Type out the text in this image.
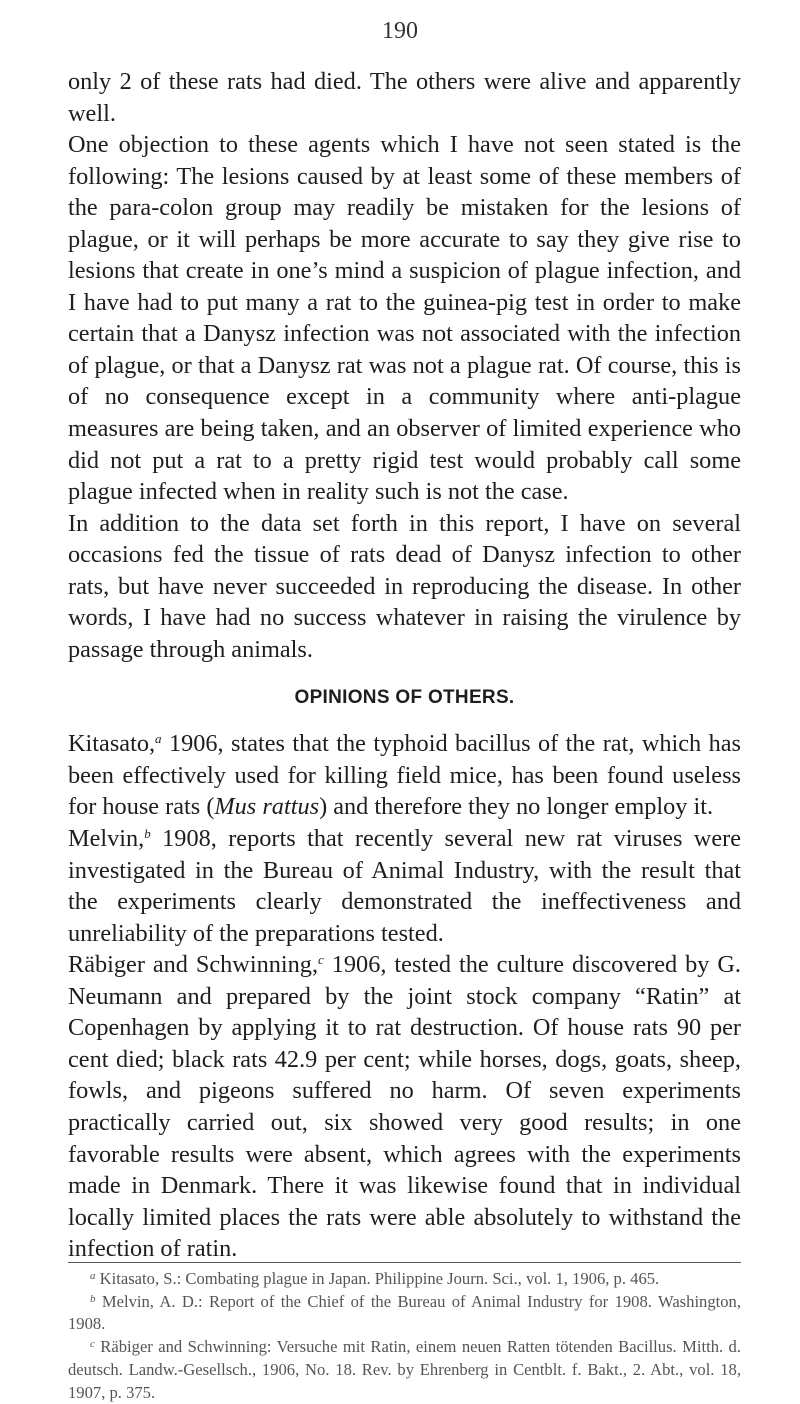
190

only 2 of these rats had died. The others were alive and apparently well.

One objection to these agents which I have not seen stated is the following: The lesions caused by at least some of these members of the para-colon group may readily be mistaken for the lesions of plague, or it will perhaps be more accurate to say they give rise to lesions that create in one’s mind a suspicion of plague infection, and I have had to put many a rat to the guinea-pig test in order to make certain that a Danysz infection was not associated with the infection of plague, or that a Danysz rat was not a plague rat. Of course, this is of no consequence except in a community where anti-plague measures are being taken, and an observer of limited experience who did not put a rat to a pretty rigid test would probably call some plague infected when in reality such is not the case.

In addition to the data set forth in this report, I have on several occasions fed the tissue of rats dead of Danysz infection to other rats, but have never succeeded in reproducing the disease. In other words, I have had no success whatever in raising the virulence by passage through animals.

OPINIONS OF OTHERS.

Kitasato,$^a$ 1906, states that the typhoid bacillus of the rat, which has been effectively used for killing field mice, has been found useless for house rats (Mus rattus) and therefore they no longer employ it.

Melvin,$^b$ 1908, reports that recently several new rat viruses were investigated in the Bureau of Animal Industry, with the result that the experiments clearly demonstrated the ineffectiveness and unreliability of the preparations tested.

Räbiger and Schwinning,$^c$ 1906, tested the culture discovered by G. Neumann and prepared by the joint stock company “Ratin” at Copenhagen by applying it to rat destruction. Of house rats 90 per cent died; black rats 42.9 per cent; while horses, dogs, goats, sheep, fowls, and pigeons suffered no harm. Of seven experiments practically carried out, six showed very good results; in one favorable results were absent, which agrees with the experiments made in Denmark. There it was likewise found that in individual locally limited places the rats were able absolutely to withstand the infection of ratin.

$^a$ Kitasato, S.: Combating plague in Japan. Philippine Journ. Sci., vol. 1, 1906, p. 465.

$^b$ Melvin, A. D.: Report of the Chief of the Bureau of Animal Industry for 1908. Washington, 1908.

$^c$ Räbiger and Schwinning: Versuche mit Ratin, einem neuen Ratten tötenden Bacillus. Mitth. d. deutsch. Landw.-Gesellsch., 1906, No. 18. Rev. by Ehrenberg in Centblt. f. Bakt., 2. Abt., vol. 18, 1907, p. 375.
